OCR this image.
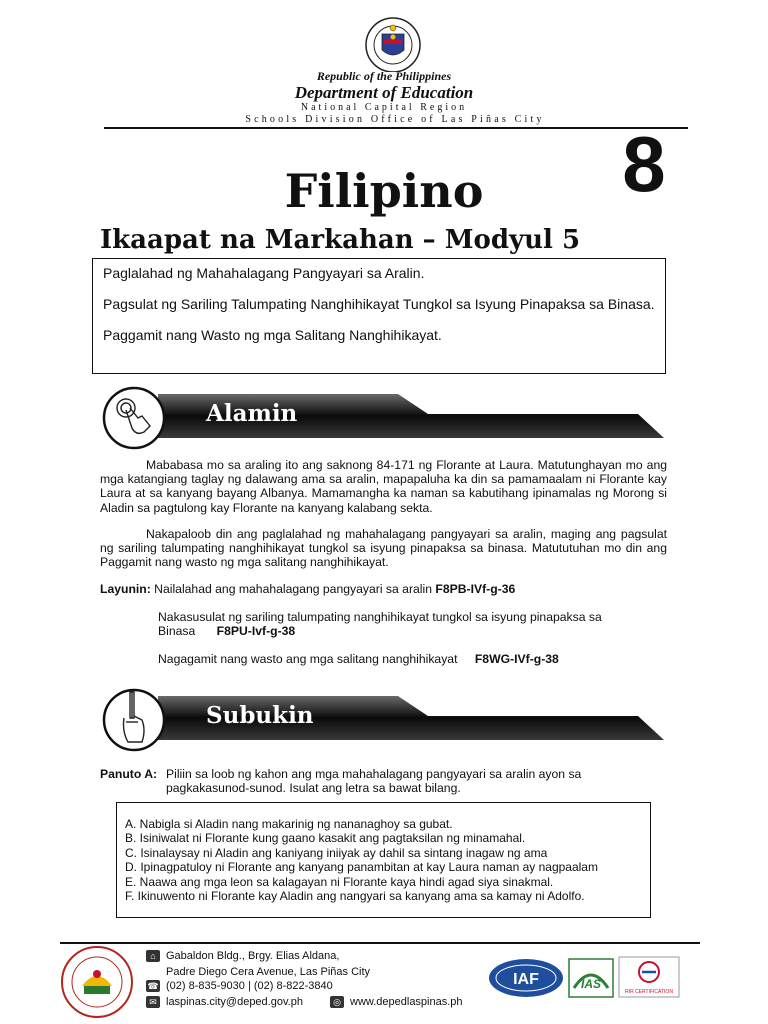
Republic of the Philippines
Department of Education
National Capital Region
Schools Division Office of Las Piñas City
8
Filipino
Ikaapat na Markahan – Modyul 5

Paglalahad ng Mahahalagang Pangyayari sa Aralin.

Pagsulat ng Sariling Talumpating Nanghihikayat Tungkol sa Isyung Pinapaksa sa Binasa.

Paggamit nang Wasto ng mga Salitang Nanghihikayat.

Alamin
Mababasa mo sa araling ito ang saknong 84-171 ng Florante at Laura. Matutunghayan mo ang mga katangiang taglay ng dalawang ama sa aralin, mapapaluha ka din sa pamamaalam ni Florante kay Laura at sa kanyang bayang Albanya. Mamamangha ka naman sa kabutihang ipinamalas ng Morong si Aladin sa pagtulong kay Florante na kanyang kalabang sekta.
Nakapaloob din ang paglalahad ng mahahalagang pangyayari sa aralin, maging ang pagsulat ng sariling talumpating nanghihikayat tungkol sa isyung pinapaksa sa binasa. Matututuhan mo din ang Paggamit nang wasto ng mga salitang nanghihikayat.
Layunin: Nailalahad ang mahahalagang pangyayari sa aralin F8PB-IVf-g-36
Nakasusulat ng sariling talumpating nanghihikayat tungkol sa isyung pinapaksa sa Binasa F8PU-Ivf-g-38
Nagagamit nang wasto ang mga salitang nanghihikayat F8WG-IVf-g-38
Subukin
Panuto A: Piliin sa loob ng kahon ang mga mahahalagang pangyayari sa aralin ayon sa pagkakasunod-sunod. Isulat ang letra sa bawat bilang.
A. Nabigla si Aladin nang makarinig ng nananaghoy sa gubat.
B. Isiniwalat ni Florante kung gaano kasakit ang pagtaksilan ng minamahal.
C. Isinalaysay ni Aladin ang kaniyang iniiyak ay dahil sa sintang inagaw ng ama
D. Ipinagpatuloy ni Florante ang kanyang panambitan at kay Laura naman ay nagpaalam
E. Naawa ang mga leon sa kalagayan ni Florante kaya hindi agad siya sinakmal.
F. Ikinuwento ni Florante kay Aladin ang nangyari sa kanyang ama sa kamay ni Adolfo.
⌂ Gabaldon Bldg., Brgy. Elias Aldana,
Padre Diego Cera Avenue, Las Piñas City
☎ (02) 8-835-9030 | (02) 8-822-3840
✉ laspinas.city@deped.gov.ph	◎ www.depedlaspinas.ph
IAF	IAS
RIR CERTIFICATION
